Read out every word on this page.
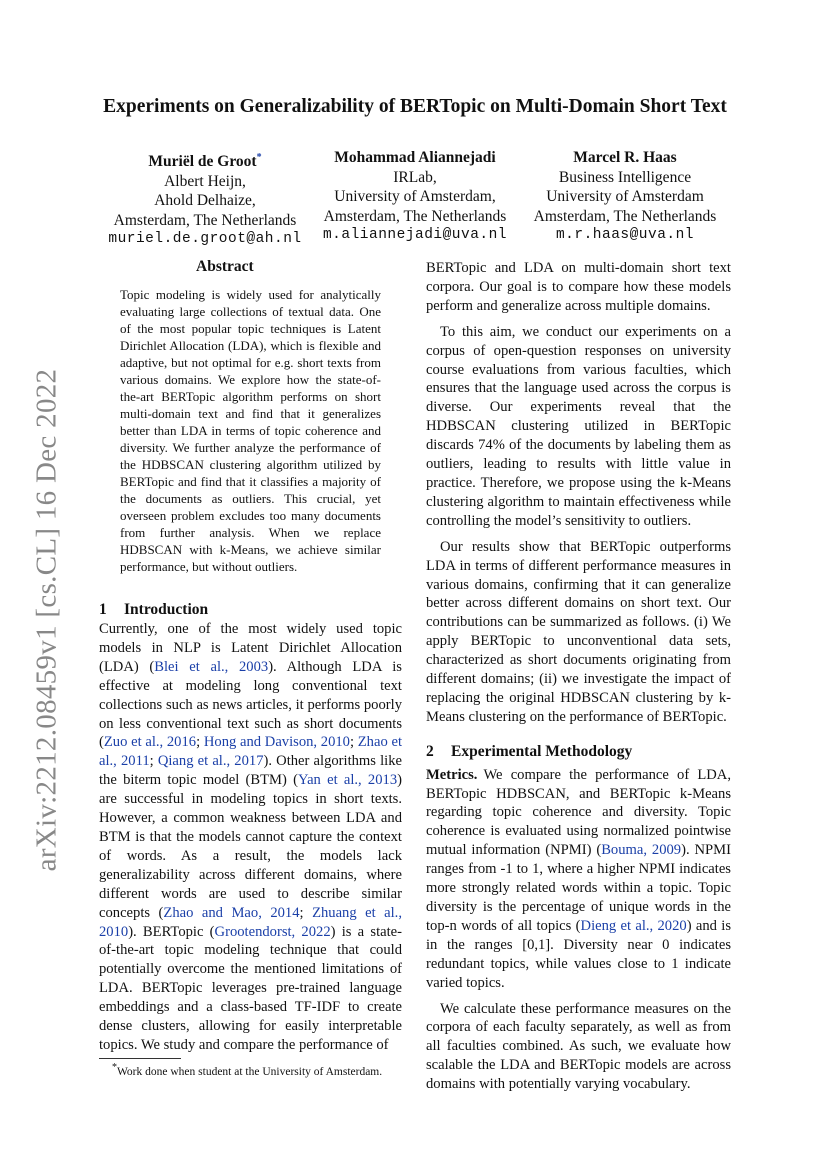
arXiv:2212.08459v1 [cs.CL] 16 Dec 2022
Experiments on Generalizability of BERTopic on Multi-Domain Short Text
Muriël de Groot*
Albert Heijn,
Ahold Delhaize,
Amsterdam, The Netherlands
muriel.de.groot@ah.nl
Mohammad Aliannejadi
IRLab,
University of Amsterdam,
Amsterdam, The Netherlands
m.aliannejadi@uva.nl
Marcel R. Haas
Business Intelligence
University of Amsterdam
Amsterdam, The Netherlands
m.r.haas@uva.nl
Abstract
Topic modeling is widely used for analytically evaluating large collections of textual data. One of the most popular topic techniques is Latent Dirichlet Allocation (LDA), which is flexible and adaptive, but not optimal for e.g. short texts from various domains. We explore how the state-of-the-art BERTopic algorithm performs on short multi-domain text and find that it generalizes better than LDA in terms of topic coherence and diversity. We further analyze the performance of the HDBSCAN clustering algorithm utilized by BERTopic and find that it classifies a majority of the documents as outliers. This crucial, yet overseen problem excludes too many documents from further analysis. When we replace HDBSCAN with k-Means, we achieve similar performance, but without outliers.
1 Introduction

Currently, one of the most widely used topic models in NLP is Latent Dirichlet Allocation (LDA) (Blei et al., 2003). Although LDA is effective at modeling long conventional text collections such as news articles, it performs poorly on less conventional text such as short documents (Zuo et al., 2016; Hong and Davison, 2010; Zhao et al., 2011; Qiang et al., 2017). Other algorithms like the biterm topic model (BTM) (Yan et al., 2013) are successful in modeling topics in short texts. However, a common weakness between LDA and BTM is that the models cannot capture the context of words. As a result, the models lack generalizability across different domains, where different words are used to describe similar concepts (Zhao and Mao, 2014; Zhuang et al., 2010). BERTopic (Grootendorst, 2022) is a state-of-the-art topic modeling technique that could potentially overcome the mentioned limitations of LDA. BERTopic leverages pre-trained language embeddings and a class-based TF-IDF to create dense clusters, allowing for easily interpretable topics. We study and compare the performance of

BERTopic and LDA on multi-domain short text corpora. Our goal is to compare how these models perform and generalize across multiple domains.

To this aim, we conduct our experiments on a corpus of open-question responses on university course evaluations from various faculties, which ensures that the language used across the corpus is diverse. Our experiments reveal that the HDBSCAN clustering utilized in BERTopic discards 74% of the documents by labeling them as outliers, leading to results with little value in practice. Therefore, we propose using the k-Means clustering algorithm to maintain effectiveness while controlling the model’s sensitivity to outliers.

Our results show that BERTopic outperforms LDA in terms of different performance measures in various domains, confirming that it can generalize better across different domains on short text. Our contributions can be summarized as follows. (i) We apply BERTopic to unconventional data sets, characterized as short documents originating from different domains; (ii) we investigate the impact of replacing the original HDBSCAN clustering by k-Means clustering on the performance of BERTopic.

2 Experimental Methodology

Metrics. We compare the performance of LDA, BERTopic HDBSCAN, and BERTopic k-Means regarding topic coherence and diversity. Topic coherence is evaluated using normalized pointwise mutual information (NPMI) (Bouma, 2009). NPMI ranges from -1 to 1, where a higher NPMI indicates more strongly related words within a topic. Topic diversity is the percentage of unique words in the top-n words of all topics (Dieng et al., 2020) and is in the ranges [0,1]. Diversity near 0 indicates redundant topics, while values close to 1 indicate varied topics.

We calculate these performance measures on the corpora of each faculty separately, as well as from all faculties combined. As such, we evaluate how scalable the LDA and BERTopic models are across domains with potentially varying vocabulary.

*Work done when student at the University of Amsterdam.
